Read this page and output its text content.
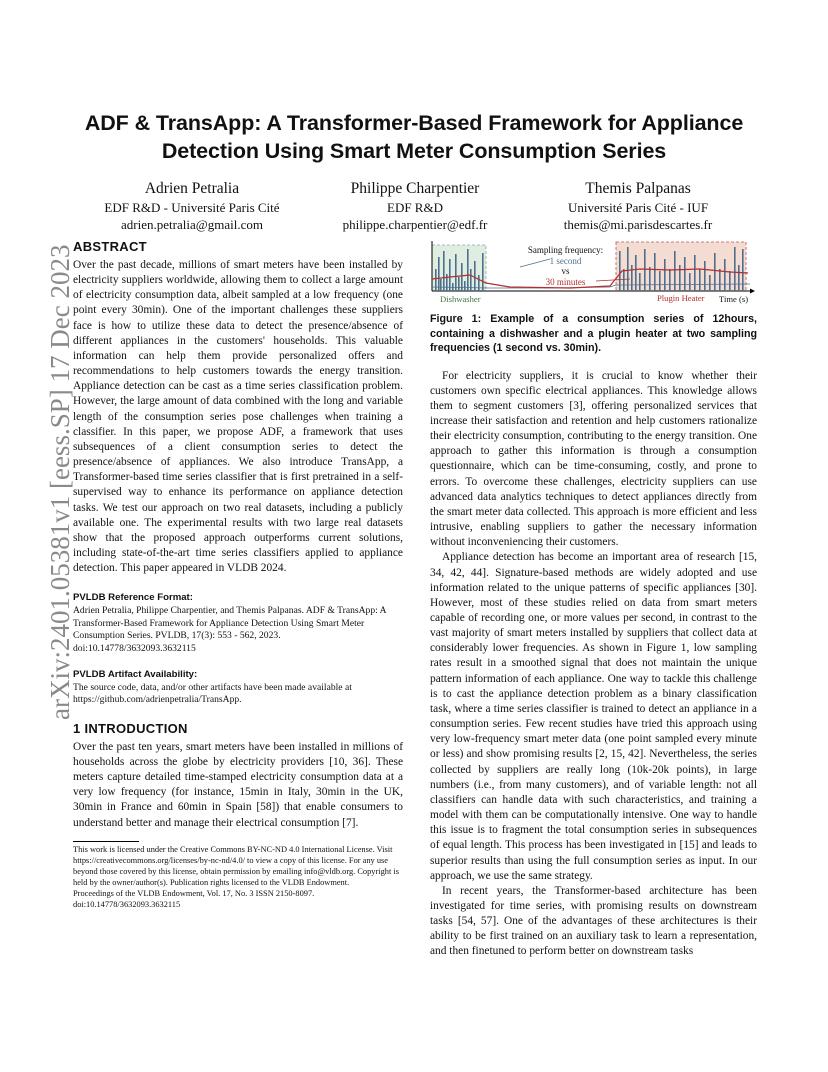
arXiv:2401.05381v1 [eess.SP] 17 Dec 2023
ADF & TransApp: A Transformer-Based Framework for Appliance Detection Using Smart Meter Consumption Series
Adrien Petralia
EDF R&D - Université Paris Cité
adrien.petralia@gmail.com
Philippe Charpentier
EDF R&D
philippe.charpentier@edf.fr
Themis Palpanas
Université Paris Cité - IUF
themis@mi.parisdescartes.fr

ABSTRACT

Over the past decade, millions of smart meters have been installed by electricity suppliers worldwide, allowing them to collect a large amount of electricity consumption data, albeit sampled at a low frequency (one point every 30min). One of the important challenges these suppliers face is how to utilize these data to detect the presence/absence of different appliances in the customers' households. This valuable information can help them provide personalized offers and recommendations to help customers towards the energy transition. Appliance detection can be cast as a time series classification problem. However, the large amount of data combined with the long and variable length of the consumption series pose challenges when training a classifier. In this paper, we propose ADF, a framework that uses subsequences of a client consumption series to detect the presence/absence of appliances. We also introduce TransApp, a Transformer-based time series classifier that is first pretrained in a self-supervised way to enhance its performance on appliance detection tasks. We test our approach on two real datasets, including a publicly available one. The experimental results with two large real datasets show that the proposed approach outperforms current solutions, including state-of-the-art time series classifiers applied to appliance detection. This paper appeared in VLDB 2024.

PVLDB Reference Format:

Adrien Petralia, Philippe Charpentier, and Themis Palpanas. ADF & TransApp: A Transformer-Based Framework for Appliance Detection Using Smart Meter Consumption Series. PVLDB, 17(3): 553 - 562, 2023. doi:10.14778/3632093.3632115

PVLDB Artifact Availability:

The source code, data, and/or other artifacts have been made available at https://github.com/adrienpetralia/TransApp.

1 INTRODUCTION

Over the past ten years, smart meters have been installed in millions of households across the globe by electricity providers [10, 36]. These meters capture detailed time-stamped electricity consumption data at a very low frequency (for instance, 15min in Italy, 30min in the UK, 30min in France and 60min in Spain [58]) that enable consumers to understand better and manage their electrical consumption [7].

This work is licensed under the Creative Commons BY-NC-ND 4.0 International License. Visit https://creativecommons.org/licenses/by-nc-nd/4.0/ to view a copy of this license. For any use beyond those covered by this license, obtain permission by emailing info@vldb.org. Copyright is held by the owner/author(s). Publication rights licensed to the VLDB Endowment.

Proceedings of the VLDB Endowment, Vol. 17, No. 3 ISSN 2150-8097.

doi:10.14778/3632093.3632115

Sampling frequency:
1 second
vs
30 minutes
Dishwasher	Plugin Heater Time (s)

Figure 1: Example of a consumption series of 12hours, containing a dishwasher and a plugin heater at two sampling frequencies (1 second vs. 30min).

For electricity suppliers, it is crucial to know whether their customers own specific electrical appliances. This knowledge allows them to segment customers [3], offering personalized services that increase their satisfaction and retention and help customers rationalize their electricity consumption, contributing to the energy transition. One approach to gather this information is through a consumption questionnaire, which can be time-consuming, costly, and prone to errors. To overcome these challenges, electricity suppliers can use advanced data analytics techniques to detect appliances directly from the smart meter data collected. This approach is more efficient and less intrusive, enabling suppliers to gather the necessary information without inconveniencing their customers.

Appliance detection has become an important area of research [15, 34, 42, 44]. Signature-based methods are widely adopted and use information related to the unique patterns of specific appliances [30]. However, most of these studies relied on data from smart meters capable of recording one, or more values per second, in contrast to the vast majority of smart meters installed by suppliers that collect data at considerably lower frequencies. As shown in Figure 1, low sampling rates result in a smoothed signal that does not maintain the unique pattern information of each appliance. One way to tackle this challenge is to cast the appliance detection problem as a binary classification task, where a time series classifier is trained to detect an appliance in a consumption series. Few recent studies have tried this approach using very low-frequency smart meter data (one point sampled every minute or less) and show promising results [2, 15, 42]. Nevertheless, the series collected by suppliers are really long (10k-20k points), in large numbers (i.e., from many customers), and of variable length: not all classifiers can handle data with such characteristics, and training a model with them can be computationally intensive. One way to handle this issue is to fragment the total consumption series in subsequences of equal length. This process has been investigated in [15] and leads to superior results than using the full consumption series as input. In our approach, we use the same strategy.

In recent years, the Transformer-based architecture has been investigated for time series, with promising results on downstream tasks [54, 57]. One of the advantages of these architectures is their ability to be first trained on an auxiliary task to learn a representation, and then finetuned to perform better on downstream tasks
